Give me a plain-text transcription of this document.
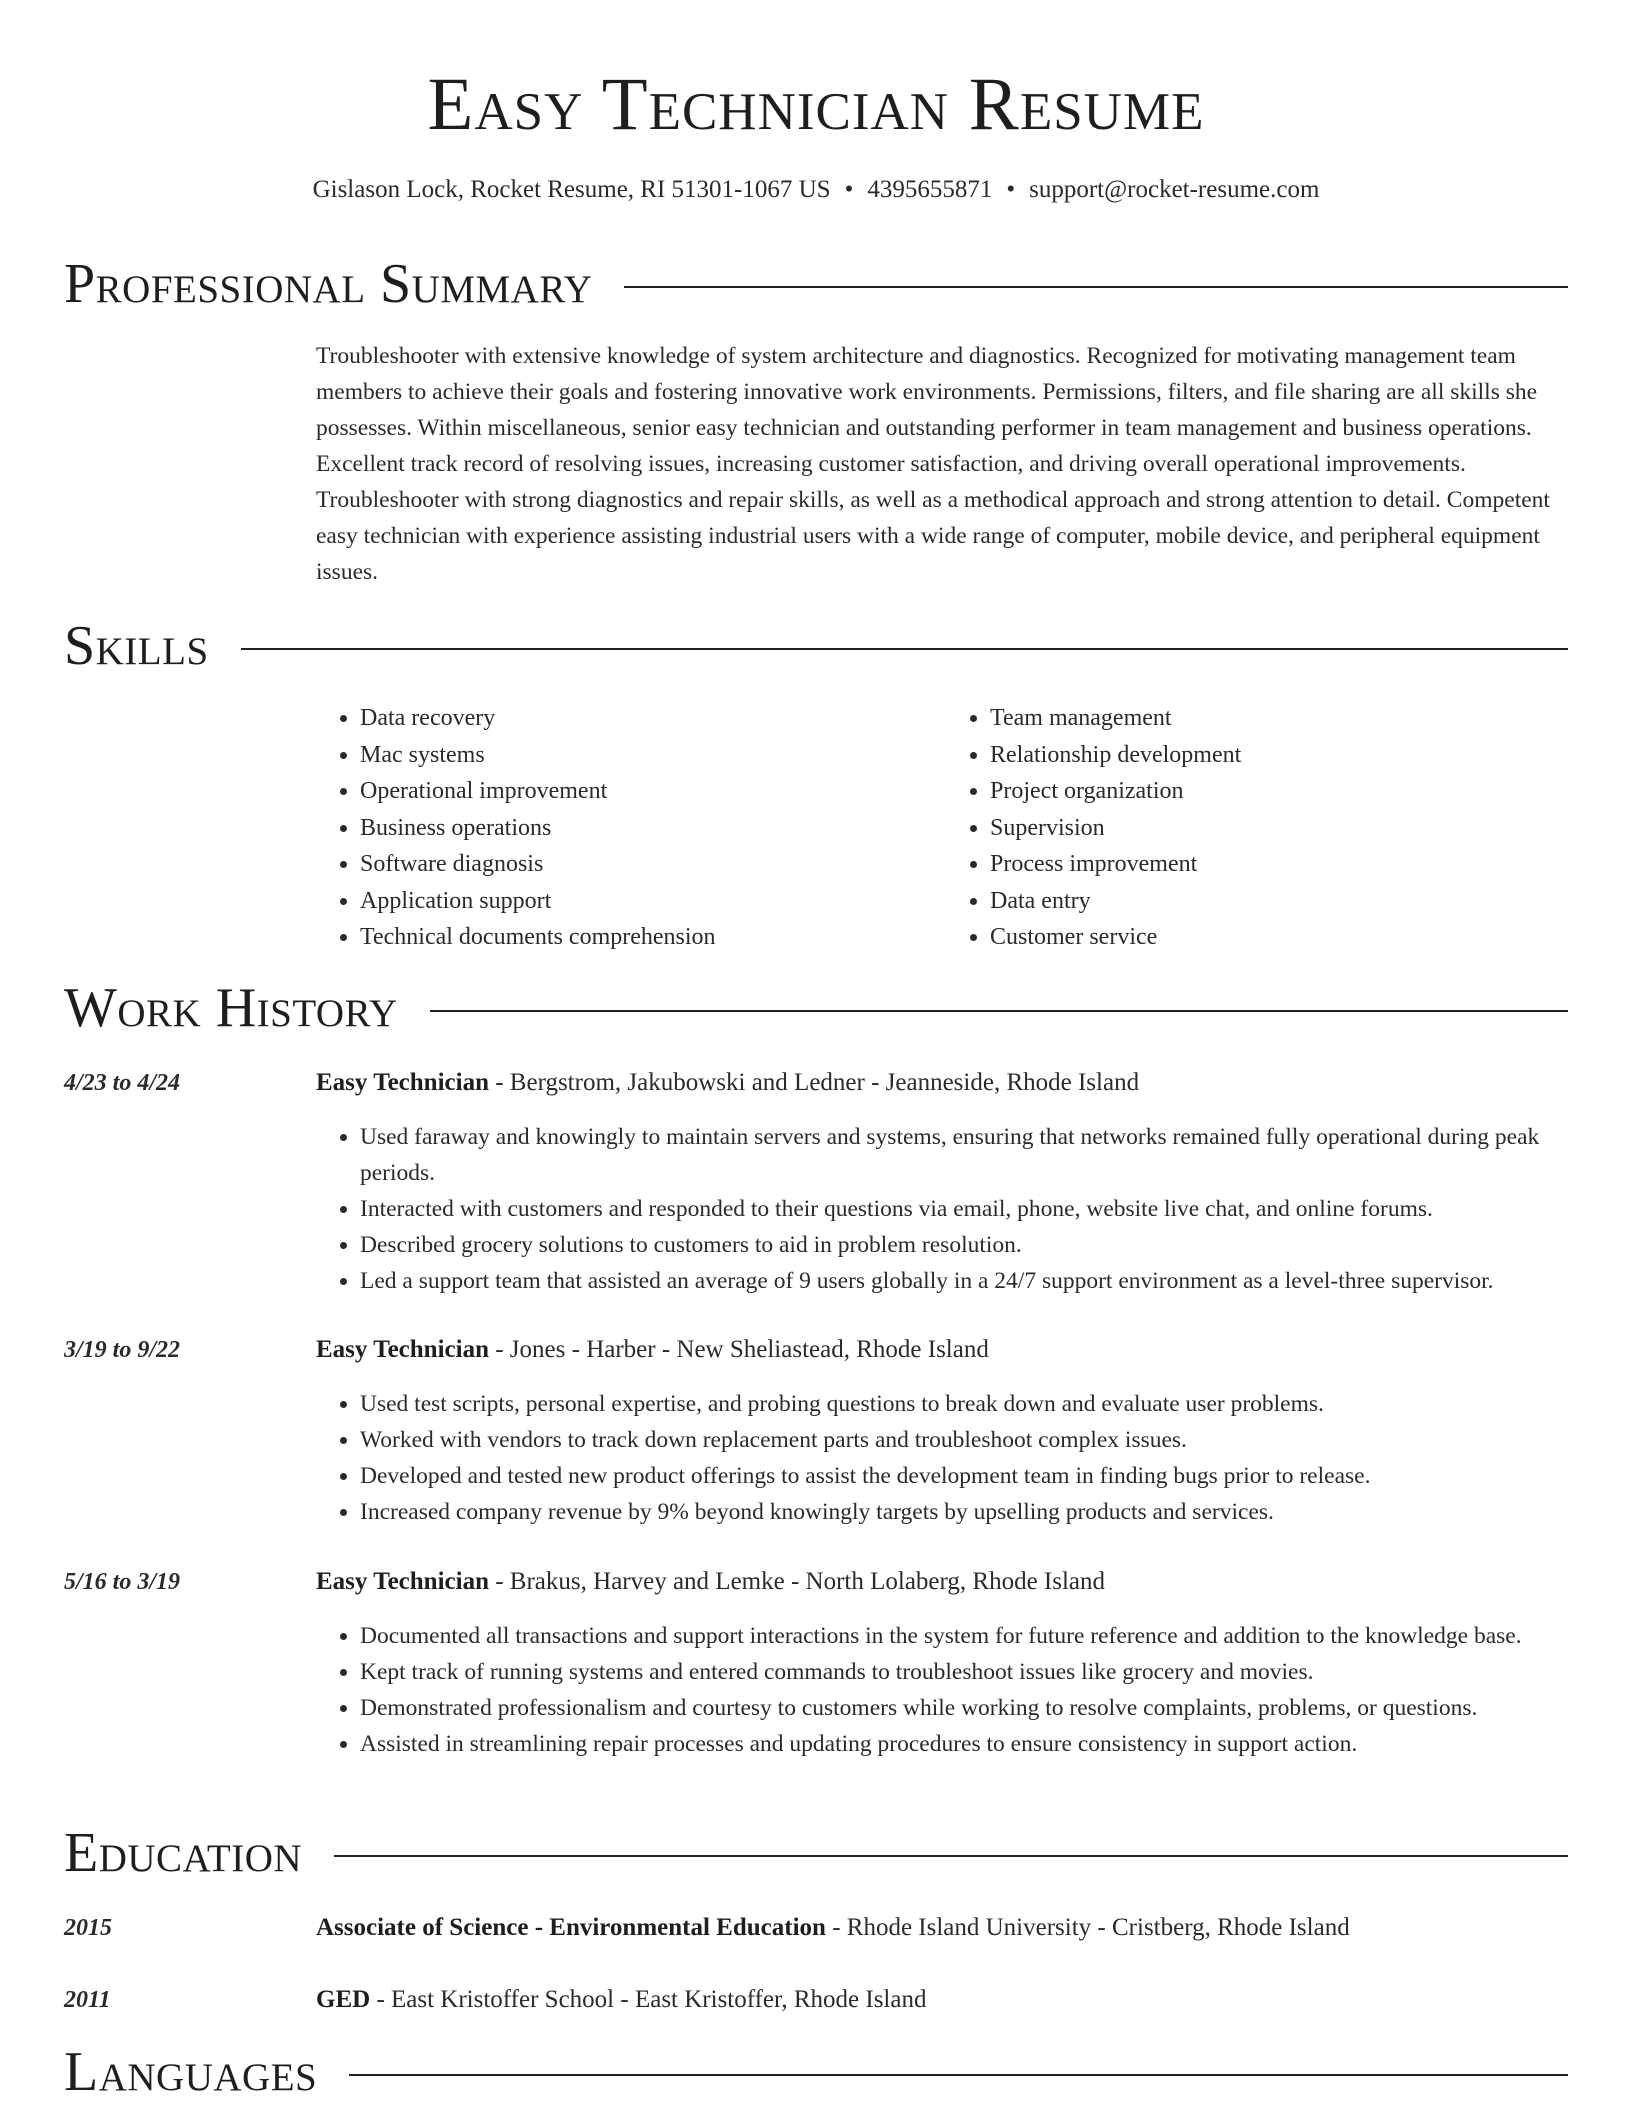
Easy Technician Resume
Gislason Lock, Rocket Resume, RI 51301-1067 US • 4395655871 • support@rocket-resume.com
Professional Summary

Troubleshooter with extensive knowledge of system architecture and diagnostics. Recognized for motivating management team members to achieve their goals and fostering innovative work environments. Permissions, filters, and file sharing are all skills she possesses. Within miscellaneous, senior easy technician and outstanding performer in team management and business operations. Excellent track record of resolving issues, increasing customer satisfaction, and driving overall operational improvements. Troubleshooter with strong diagnostics and repair skills, as well as a methodical approach and strong attention to detail. Competent easy technician with experience assisting industrial users with a wide range of computer, mobile device, and peripheral equipment issues.

Skills
• Data recovery
• Mac systems
• Operational improvement
• Business operations
• Software diagnosis
• Application support
• Technical documents comprehension
• Team management
• Relationship development
• Project organization
• Supervision
• Process improvement
• Data entry
• Customer service
Work History
4/23 to 4/24	Easy Technician - Bergstrom, Jakubowski and Ledner - Jeanneside, Rhode Island
• Used faraway and knowingly to maintain servers and systems, ensuring that networks remained fully operational during peak periods.
• Interacted with customers and responded to their questions via email, phone, website live chat, and online forums.
• Described grocery solutions to customers to aid in problem resolution.
• Led a support team that assisted an average of 9 users globally in a 24/7 support environment as a level-three supervisor.
3/19 to 9/22	Easy Technician - Jones - Harber - New Sheliastead, Rhode Island
• Used test scripts, personal expertise, and probing questions to break down and evaluate user problems.
• Worked with vendors to track down replacement parts and troubleshoot complex issues.
• Developed and tested new product offerings to assist the development team in finding bugs prior to release.
• Increased company revenue by 9% beyond knowingly targets by upselling products and services.
5/16 to 3/19	Easy Technician - Brakus, Harvey and Lemke - North Lolaberg, Rhode Island
• Documented all transactions and support interactions in the system for future reference and addition to the knowledge base.
• Kept track of running systems and entered commands to troubleshoot issues like grocery and movies.
• Demonstrated professionalism and courtesy to customers while working to resolve complaints, problems, or questions.
• Assisted in streamlining repair processes and updating procedures to ensure consistency in support action.
Education
2015	Associate of Science - Environmental Education - Rhode Island University - Cristberg, Rhode Island
2011	GED - East Kristoffer School - East Kristoffer, Rhode Island
Languages
